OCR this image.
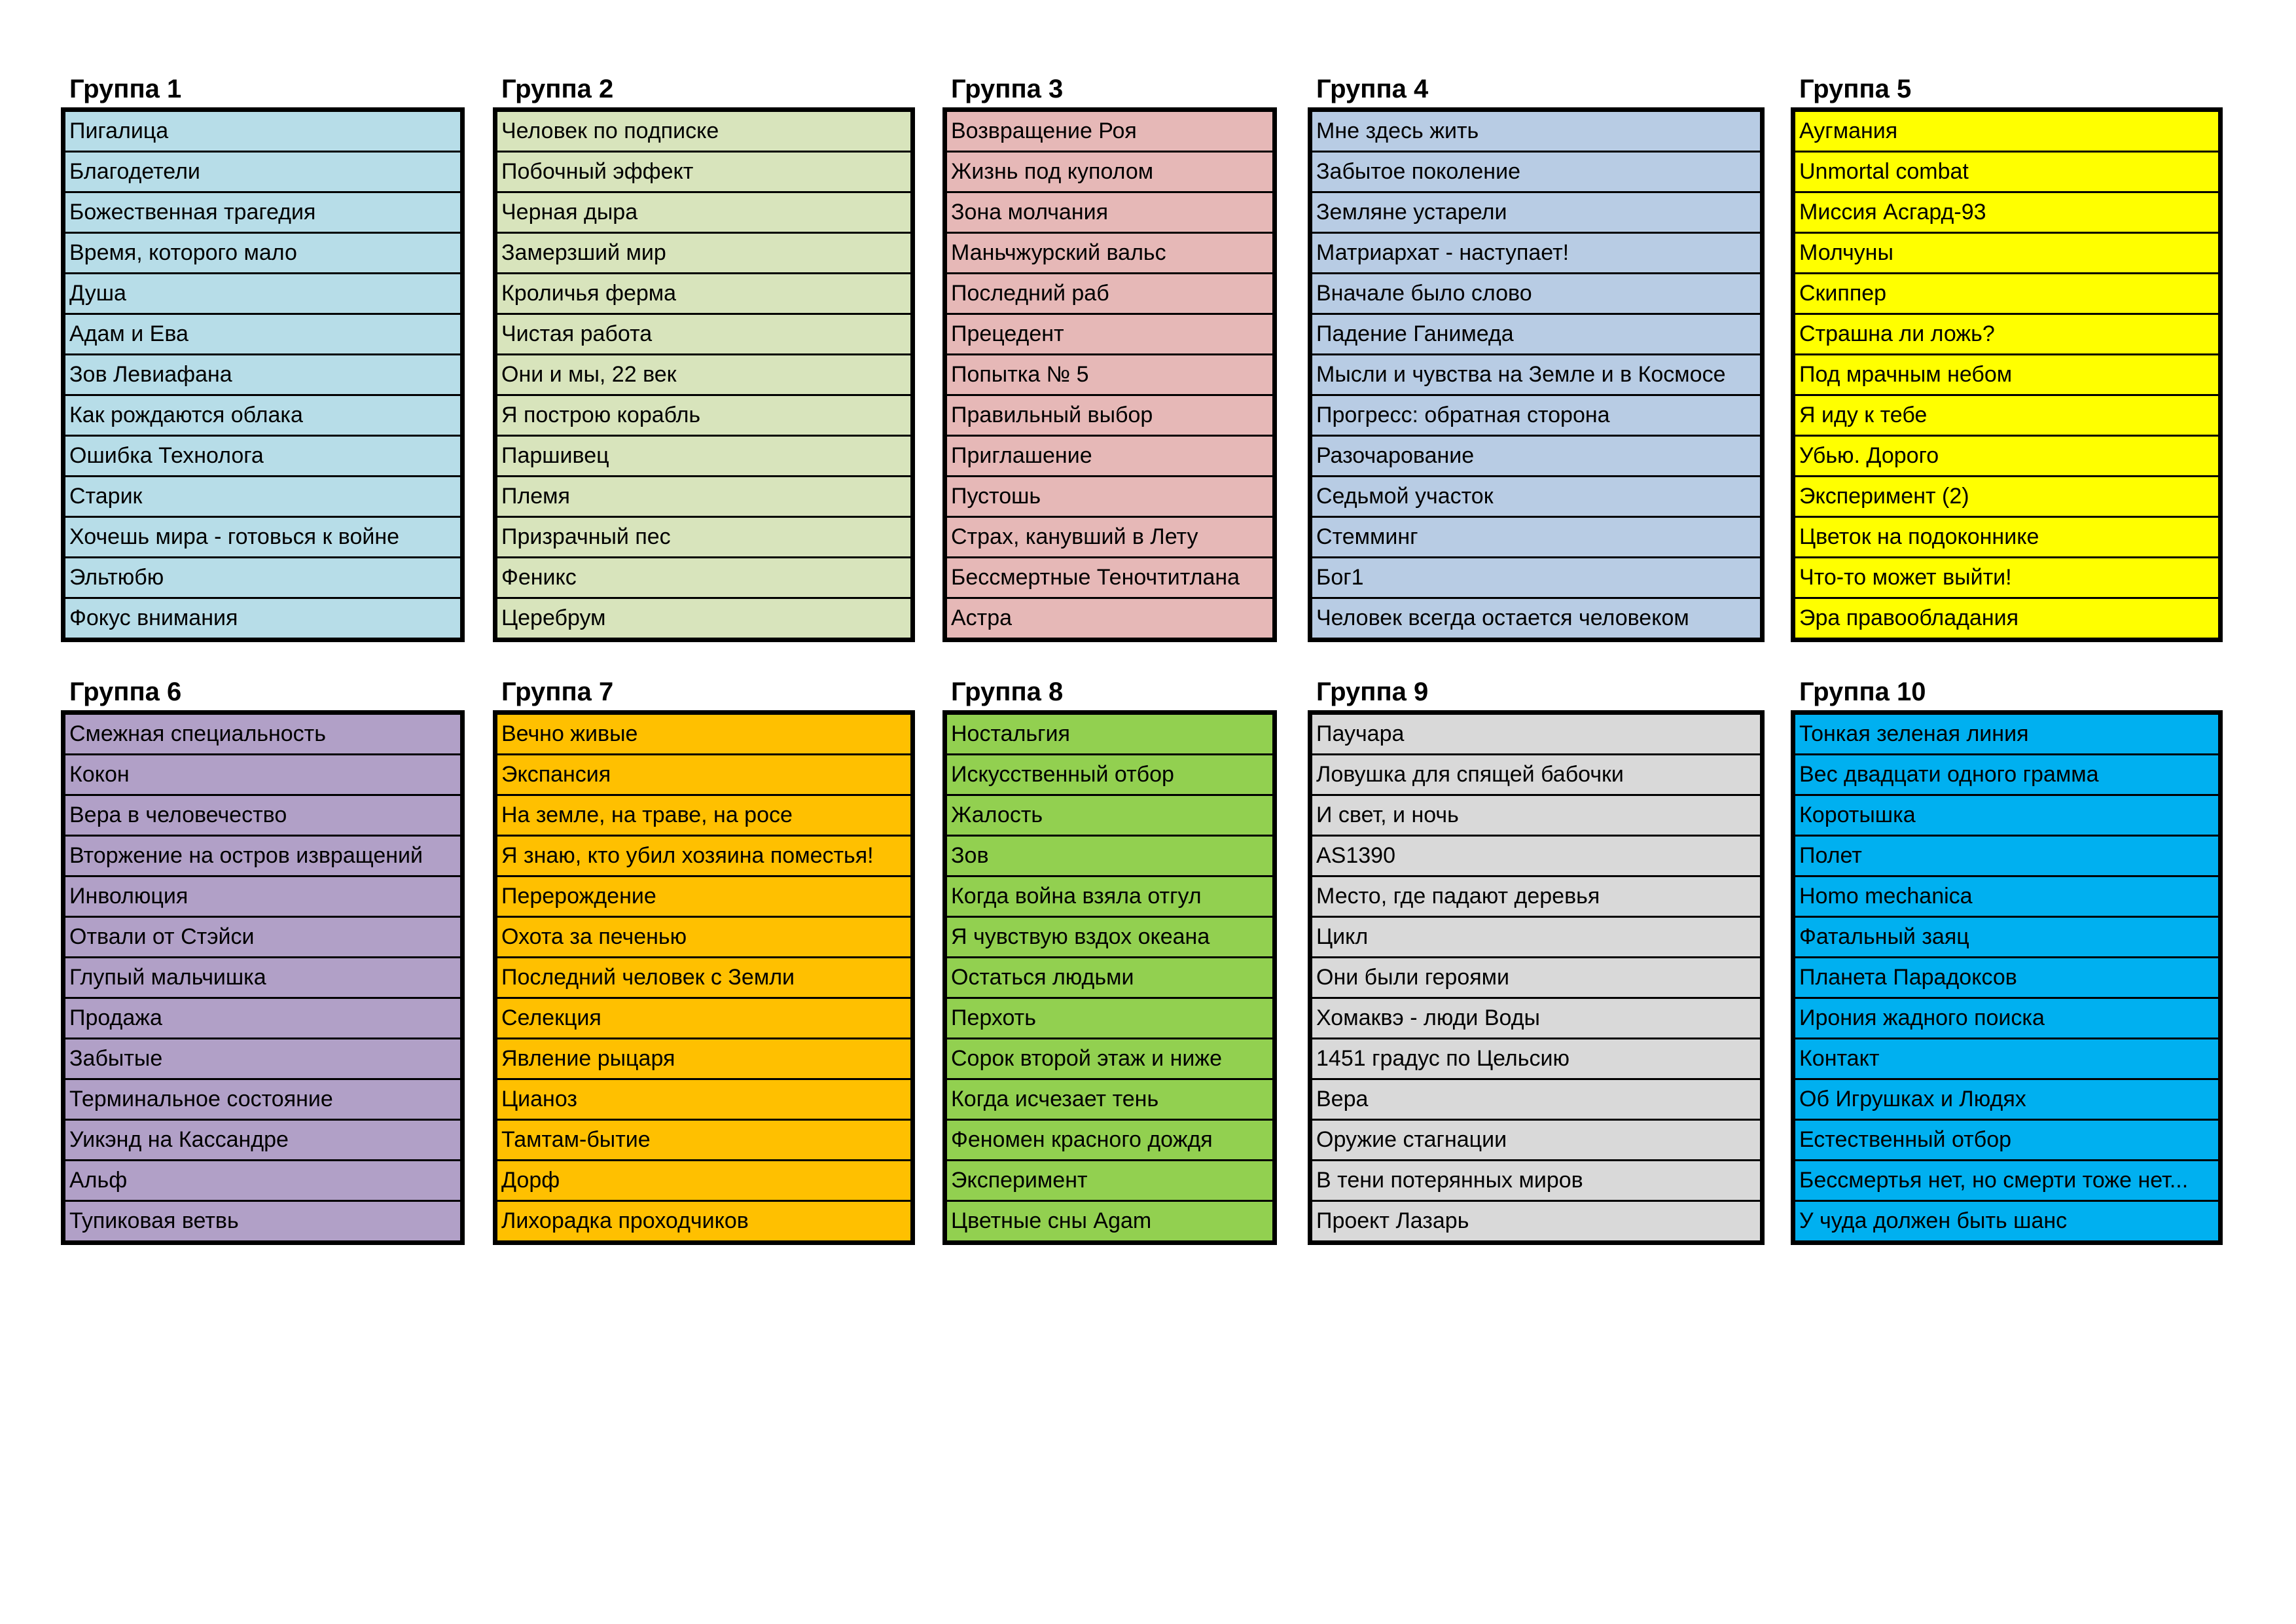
Группа 1
Пигалица
Благодетели
Божественная трагедия
Время, которого мало
Душа
Адам и Ева
Зов Левиафана
Как рождаются облака
Ошибка Технолога
Старик
Хочешь мира - готовься к войне
Эльтюбю
Фокус внимания
Группа 2
Человек по подписке
Побочный эффект
Черная дыра
Замерзший мир
Кроличья ферма
Чистая работа
Они и мы, 22 век
Я построю корабль
Паршивец
Племя
Призрачный пес
Феникс
Церебрум
Группа 3
Возвращение Роя
Жизнь под куполом
Зона молчания
Маньчжурский вальс
Последний раб
Прецедент
Попытка № 5
Правильный выбор
Приглашение
Пустошь
Страх, канувший в Лету
Бессмертные Теночтитлана
Астра
Группа 4
Мне здесь жить
Забытое поколение
Земляне устарели
Матриархат - наступает!
Вначале было слово
Падение Ганимеда
Мысли и чувства на Земле и в Космосе
Прогресс: обратная сторона
Разочарование
Седьмой участок
Стемминг
Бог1
Человек всегда остается человеком
Группа 5
Аугмания
Unmortal combat
Миссия Асгард-93
Молчуны
Скиппер
Страшна ли ложь?
Под мрачным небом
Я иду к тебе
Убью. Дорого
Эксперимент (2)
Цветок на подоконнике
Что-то может выйти!
Эра правообладания
Группа 6
Смежная специальность
Кокон
Вера в человечество
Вторжение на остров извращений
Инволюция
Отвали от Стэйси
Глупый мальчишка
Продажа
Забытые
Терминальное состояние
Уикэнд на Кассандре
Альф
Тупиковая ветвь
Группа 7
Вечно живые
Экспансия
На земле, на траве, на росе
Я знаю, кто убил хозяина поместья!
Перерождение
Охота за печенью
Последний человек с Земли
Селекция
Явление рыцаря
Цианоз
Тамтам-бытие
Дорф
Лихорадка проходчиков
Группа 8
Ностальгия
Искусственный отбор
Жалость
Зов
Когда война взяла отгул
Я чувствую вздох океана
Остаться людьми
Перхоть
Сорок второй этаж и ниже
Когда исчезает тень
Феномен красного дождя
Эксперимент
Цветные сны Agam
Группа 9
Паучара
Ловушка для спящей бабочки
И свет, и ночь
AS1390
Место, где падают деревья
Цикл
Они были героями
Хомаквэ - люди Воды
1451 градус по Цельсию
Вера
Оружие стагнации
В тени потерянных миров
Проект Лазарь
Группа 10
Тонкая зеленая линия
Вес двадцати одного грамма
Коротышка
Полет
Homo mechanica
Фатальный заяц
Планета Парадоксов
Ирония жадного поиска
Контакт
Об Игрушках и Людях
Естественный отбор
Бессмертья нет, но смерти тоже нет...
У чуда должен быть шанс
